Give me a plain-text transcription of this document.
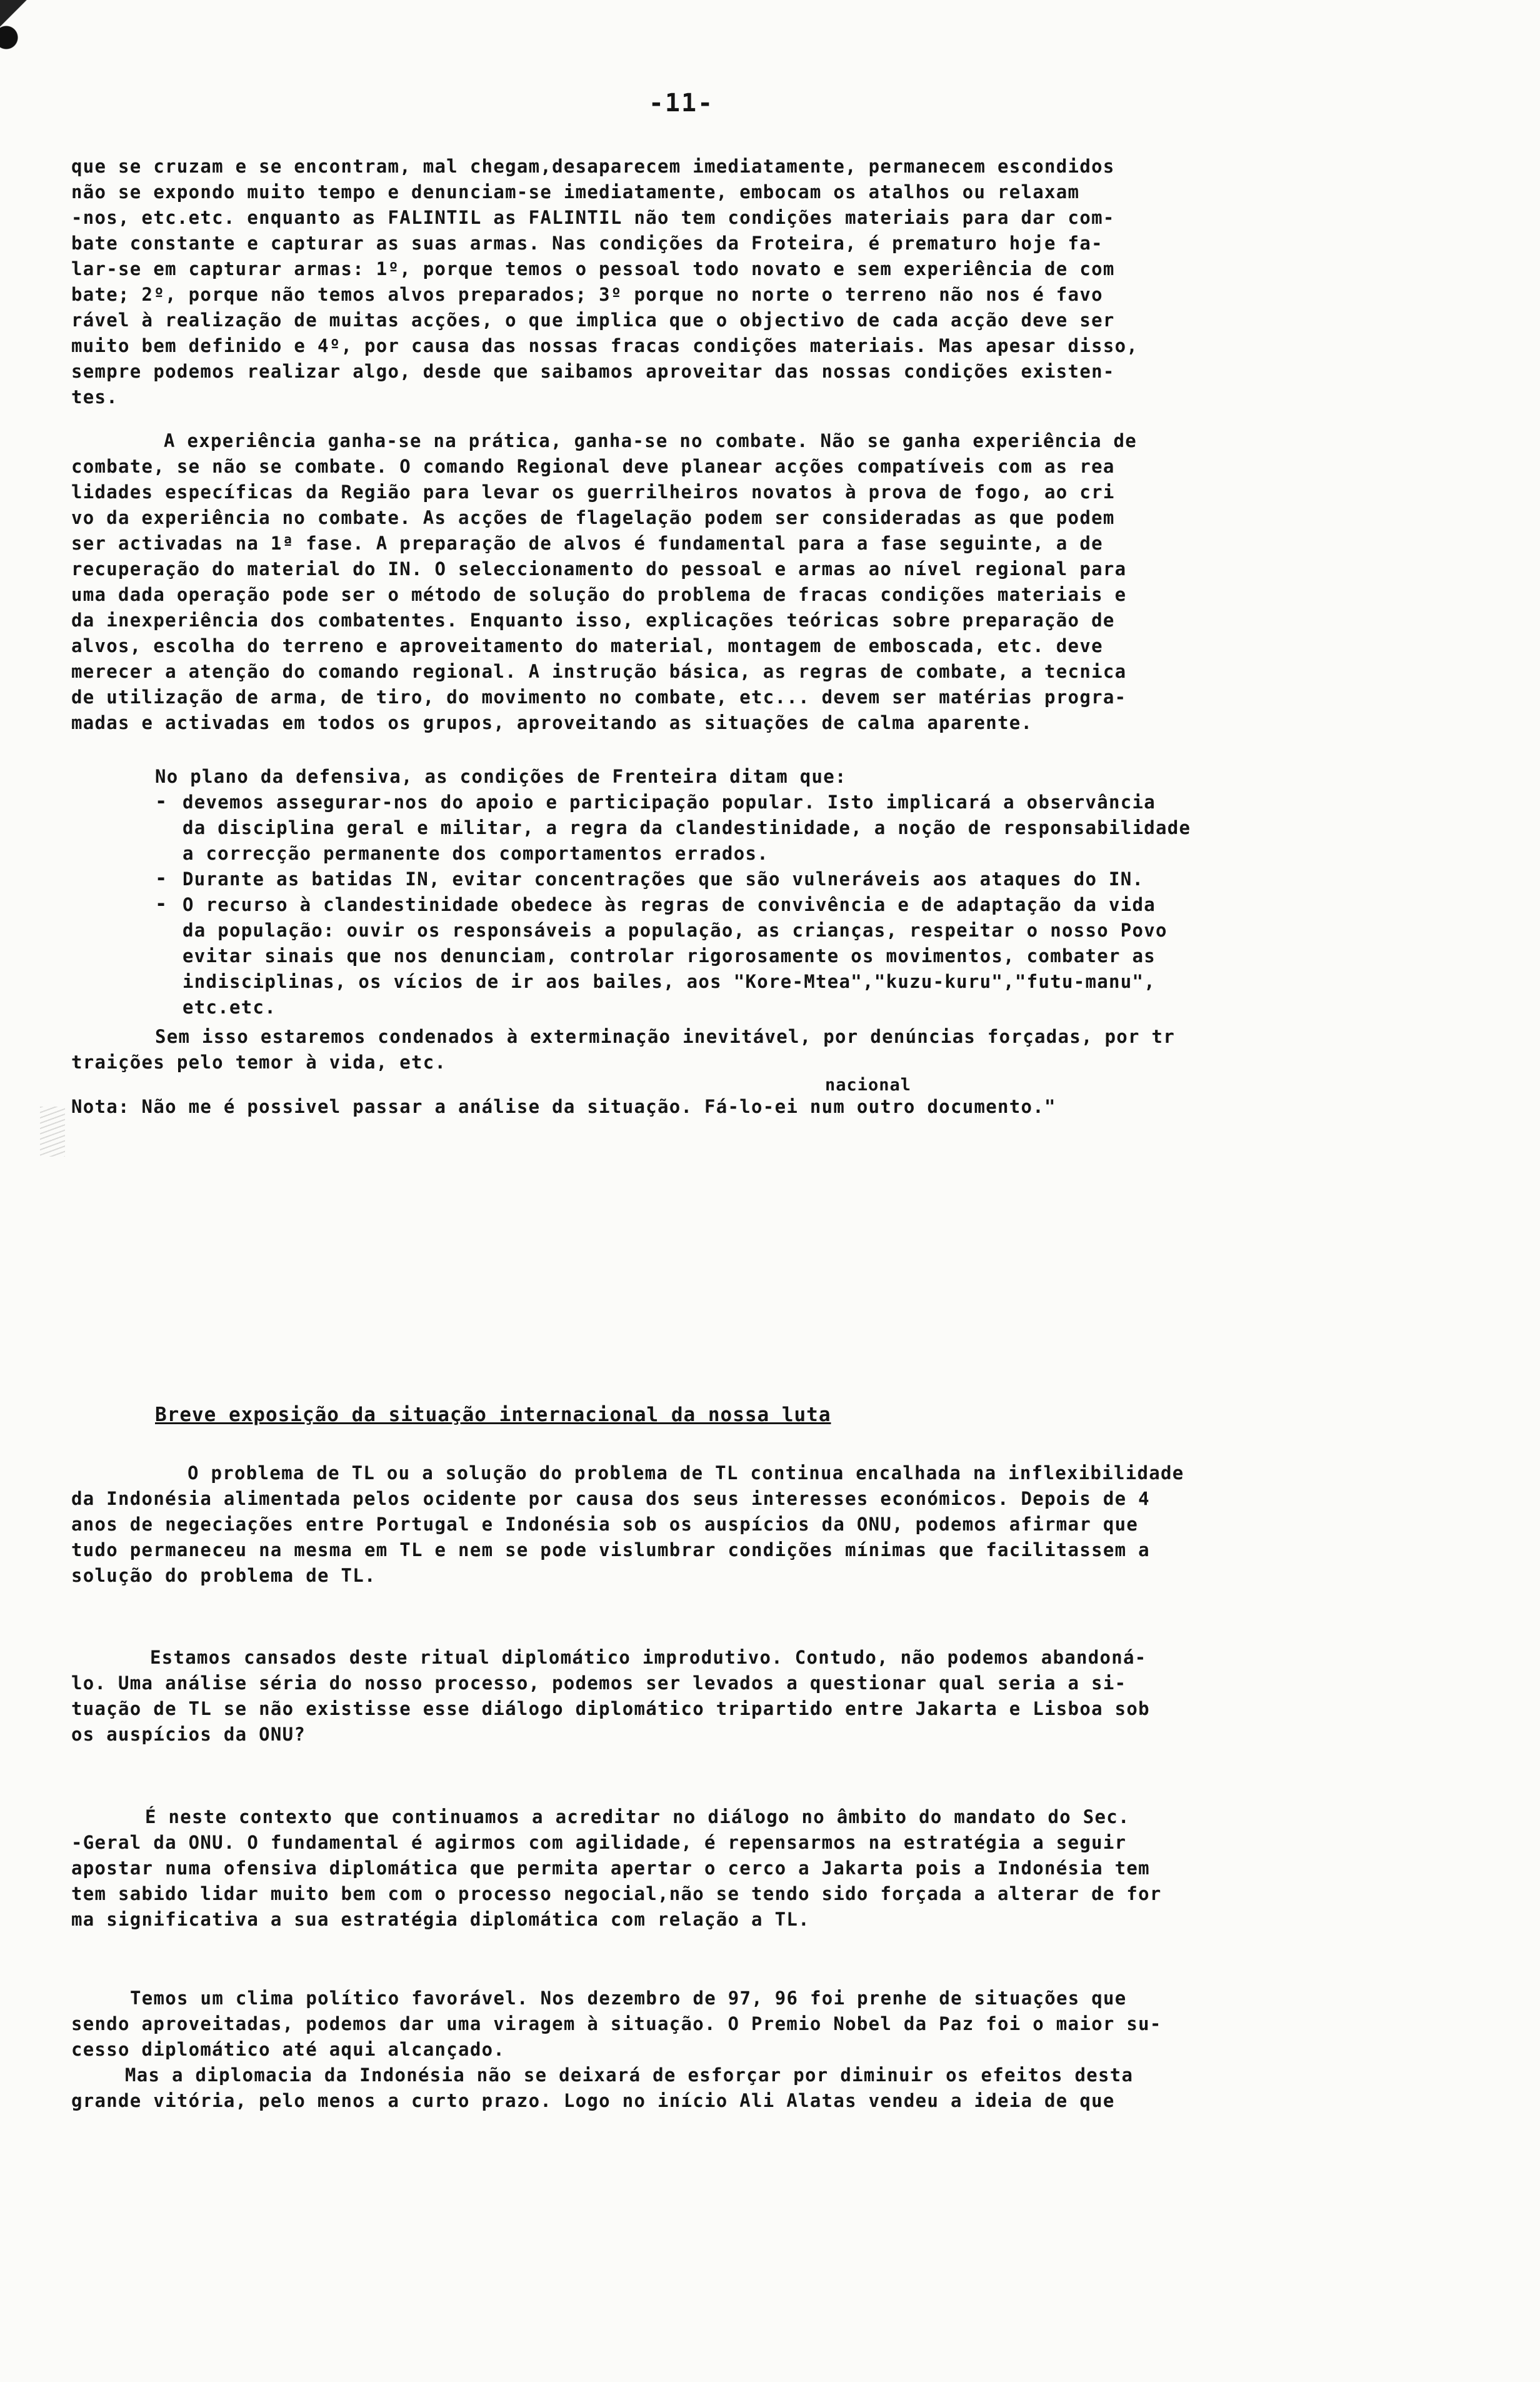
-11-
que se cruzam e se encontram, mal chegam,desaparecem imediatamente, permanecem escondidos
não se expondo muito tempo e denunciam-se imediatamente, embocam os atalhos ou relaxam
-nos, etc.etc. enquanto as FALINTIL as FALINTIL não tem condições materiais para dar com-
bate constante e capturar as suas armas. Nas condições da Froteira, é prematuro hoje fa-
lar-se em capturar armas: 1º, porque temos o pessoal todo novato e sem experiência de com
bate; 2º, porque não temos alvos preparados; 3º porque no norte o terreno não nos é favo
rável à realização de muitas acções, o que implica que o objectivo de cada acção deve ser
muito bem definido e 4º, por causa das nossas fracas condições materiais. Mas apesar disso,
sempre podemos realizar algo, desde que saibamos aproveitar das nossas condições existen-
tes.
A experiência ganha-se na prática, ganha-se no combate. Não se ganha experiência de
combate, se não se combate. O comando Regional deve planear acções compatíveis com as rea
lidades específicas da Região para levar os guerrilheiros novatos à prova de fogo, ao cri
vo da experiência no combate. As acções de flagelação podem ser consideradas as que podem
ser activadas na 1ª fase. A preparação de alvos é fundamental para a fase seguinte, a de
recuperação do material do IN. O seleccionamento do pessoal e armas ao nível regional para
uma dada operação pode ser o método de solução do problema de fracas condições materiais e
da inexperiência dos combatentes. Enquanto isso, explicações teóricas sobre preparação de
alvos, escolha do terreno e aproveitamento do material, montagem de emboscada, etc. deve
merecer a atenção do comando regional. A instrução básica, as regras de combate, a tecnica
de utilização de arma, de tiro, do movimento no combate, etc... devem ser matérias progra-
madas e activadas em todos os grupos, aproveitando as situações de calma aparente.
No plano da defensiva, as condições de Frenteira ditam que:
- devemos assegurar-nos do apoio e participação popular. Isto implicará a observância
da disciplina geral e militar, a regra da clandestinidade, a noção de responsabilidade
a correcção permanente dos comportamentos errados.
- Durante as batidas IN, evitar concentrações que são vulneráveis aos ataques do IN.
- O recurso à clandestinidade obedece às regras de convivência e de adaptação da vida
da população: ouvir os responsáveis a população, as crianças, respeitar o nosso Povo
evitar sinais que nos denunciam, controlar rigorosamente os movimentos, combater as
indisciplinas, os vícios de ir aos bailes, aos "Kore-Mtea","kuzu-kuru","futu-manu",
etc.etc.
Sem isso estaremos condenados à exterminação inevitável, por denúncias forçadas, por tr
traições pelo temor à vida, etc.
nacional
Nota: Não me é possivel passar a análise da situação. Fá-lo-ei num outro documento."
Breve exposição da situação internacional da nossa luta
O problema de TL ou a solução do problema de TL continua encalhada na inflexibilidade
da Indonésia alimentada pelos ocidente por causa dos seus interesses económicos. Depois de 4
anos de negeciações entre Portugal e Indonésia sob os auspícios da ONU, podemos afirmar que
tudo permaneceu na mesma em TL e nem se pode vislumbrar condições mínimas que facilitassem a
solução do problema de TL.
Estamos cansados deste ritual diplomático improdutivo. Contudo, não podemos abandoná-
lo. Uma análise séria do nosso processo, podemos ser levados a questionar qual seria a si-
tuação de TL se não existisse esse diálogo diplomático tripartido entre Jakarta e Lisboa sob
os auspícios da ONU?
É neste contexto que continuamos a acreditar no diálogo no âmbito do mandato do Sec.
-Geral da ONU. O fundamental é agirmos com agilidade, é repensarmos na estratégia a seguir
apostar numa ofensiva diplomática que permita apertar o cerco a Jakarta pois a Indonésia tem
tem sabido lidar muito bem com o processo negocial,não se tendo sido forçada a alterar de for
ma significativa a sua estratégia diplomática com relação a TL.
Temos um clima político favorável. Nos dezembro de 97, 96 foi prenhe de situações que
sendo aproveitadas, podemos dar uma viragem à situação. O Premio Nobel da Paz foi o maior su-
cesso diplomático até aqui alcançado.
Mas a diplomacia da Indonésia não se deixará de esforçar por diminuir os efeitos desta
grande vitória, pelo menos a curto prazo. Logo no início Ali Alatas vendeu a ideia de que
